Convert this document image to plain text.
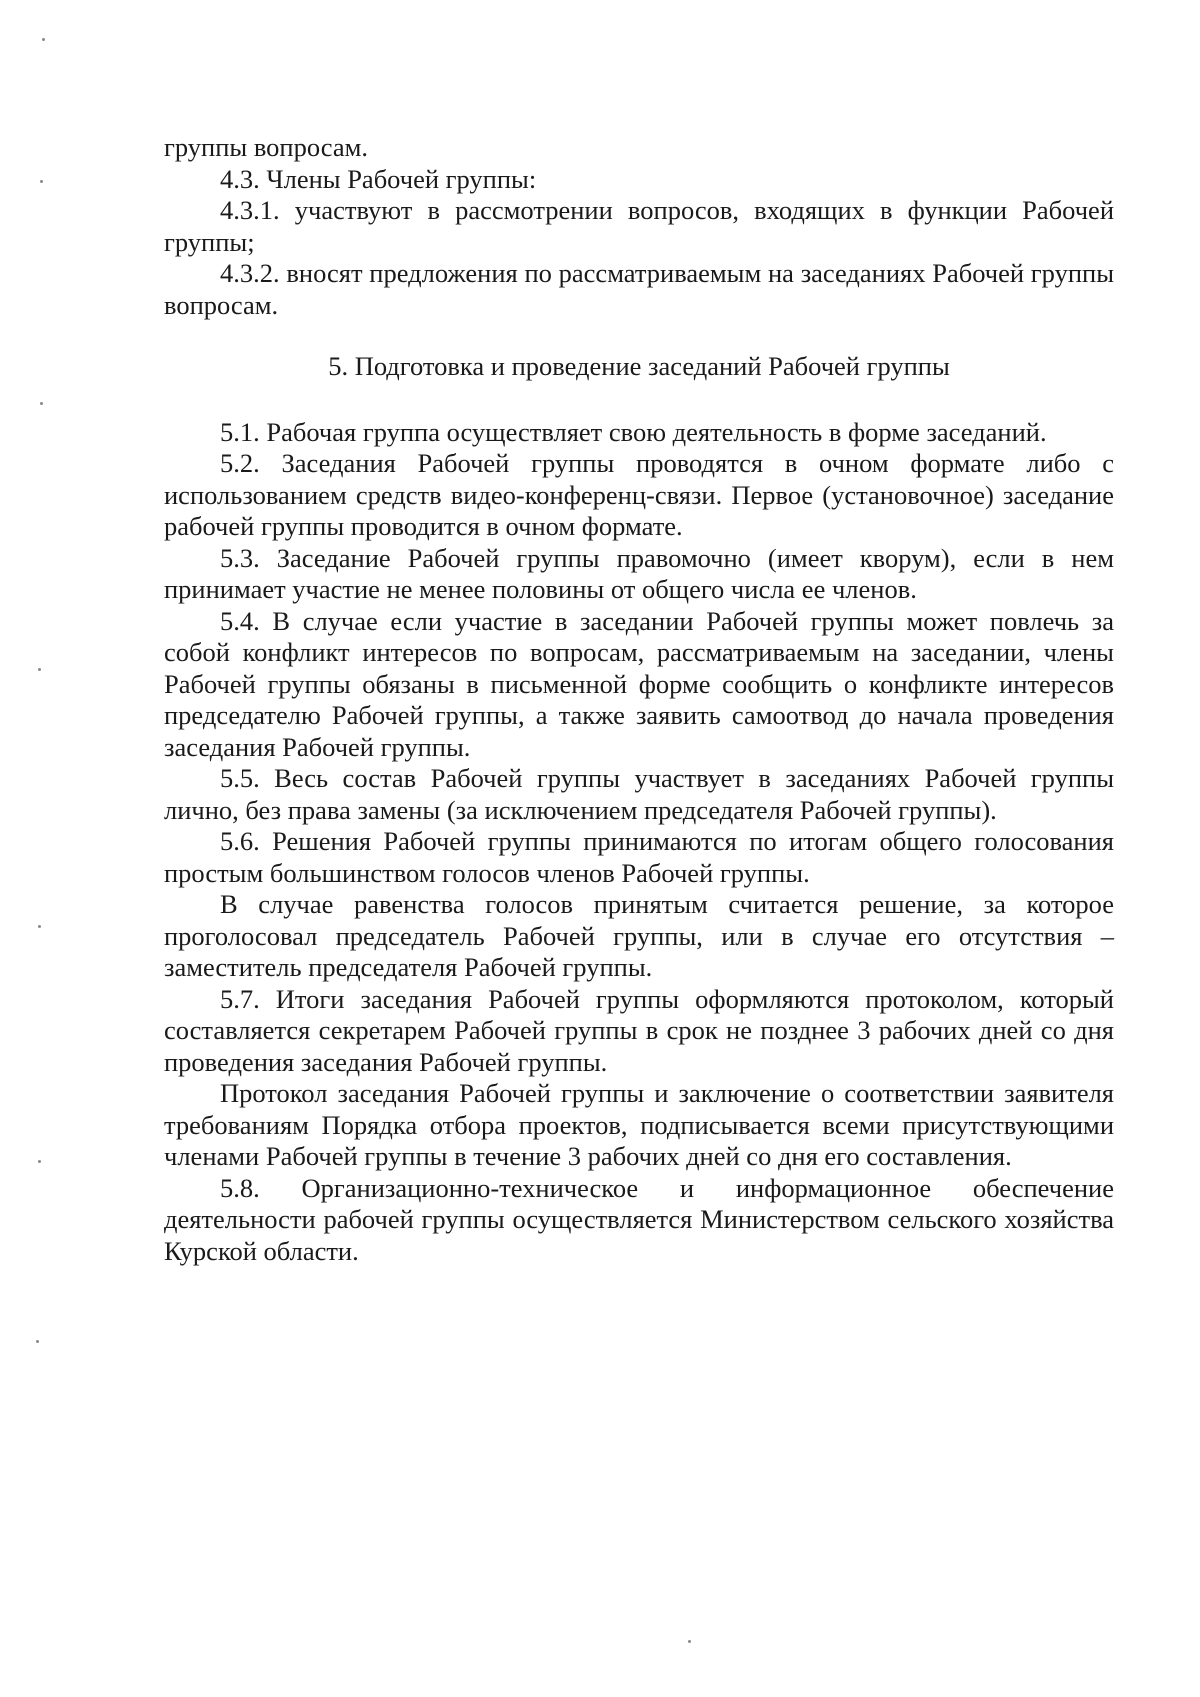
группы вопросам.

4.3. Члены Рабочей группы:

4.3.1. участвуют в рассмотрении вопросов, входящих в функции Рабочей группы;

4.3.2. вносят предложения по рассматриваемым на заседаниях Рабочей группы вопросам.

5. Подготовка и проведение заседаний Рабочей группы

5.1. Рабочая группа осуществляет свою деятельность в форме заседаний.

5.2. Заседания Рабочей группы проводятся в очном формате либо с использованием средств видео-конференц-связи. Первое (установочное) заседание рабочей группы проводится в очном формате.

5.3. Заседание Рабочей группы правомочно (имеет кворум), если в нем принимает участие не менее половины от общего числа ее членов.

5.4. В случае если участие в заседании Рабочей группы может повлечь за собой конфликт интересов по вопросам, рассматриваемым на заседании, члены Рабочей группы обязаны в письменной форме сообщить о конфликте интересов председателю Рабочей группы, а также заявить самоотвод до начала проведения заседания Рабочей группы.

5.5. Весь состав Рабочей группы участвует в заседаниях Рабочей группы лично, без права замены (за исключением председателя Рабочей группы).

5.6. Решения Рабочей группы принимаются по итогам общего голосования простым большинством голосов членов Рабочей группы.

В случае равенства голосов принятым считается решение, за которое проголосовал председатель Рабочей группы, или в случае его отсутствия – заместитель председателя Рабочей группы.

5.7. Итоги заседания Рабочей группы оформляются протоколом, который составляется секретарем Рабочей группы в срок не позднее 3 рабочих дней со дня проведения заседания Рабочей группы.

Протокол заседания Рабочей группы и заключение о соответствии заявителя требованиям Порядка отбора проектов, подписывается всеми присутствующими членами Рабочей группы в течение 3 рабочих дней со дня его составления.

5.8. Организационно-техническое и информационное обеспечение деятельности рабочей группы осуществляется Министерством сельского хозяйства Курской области.
